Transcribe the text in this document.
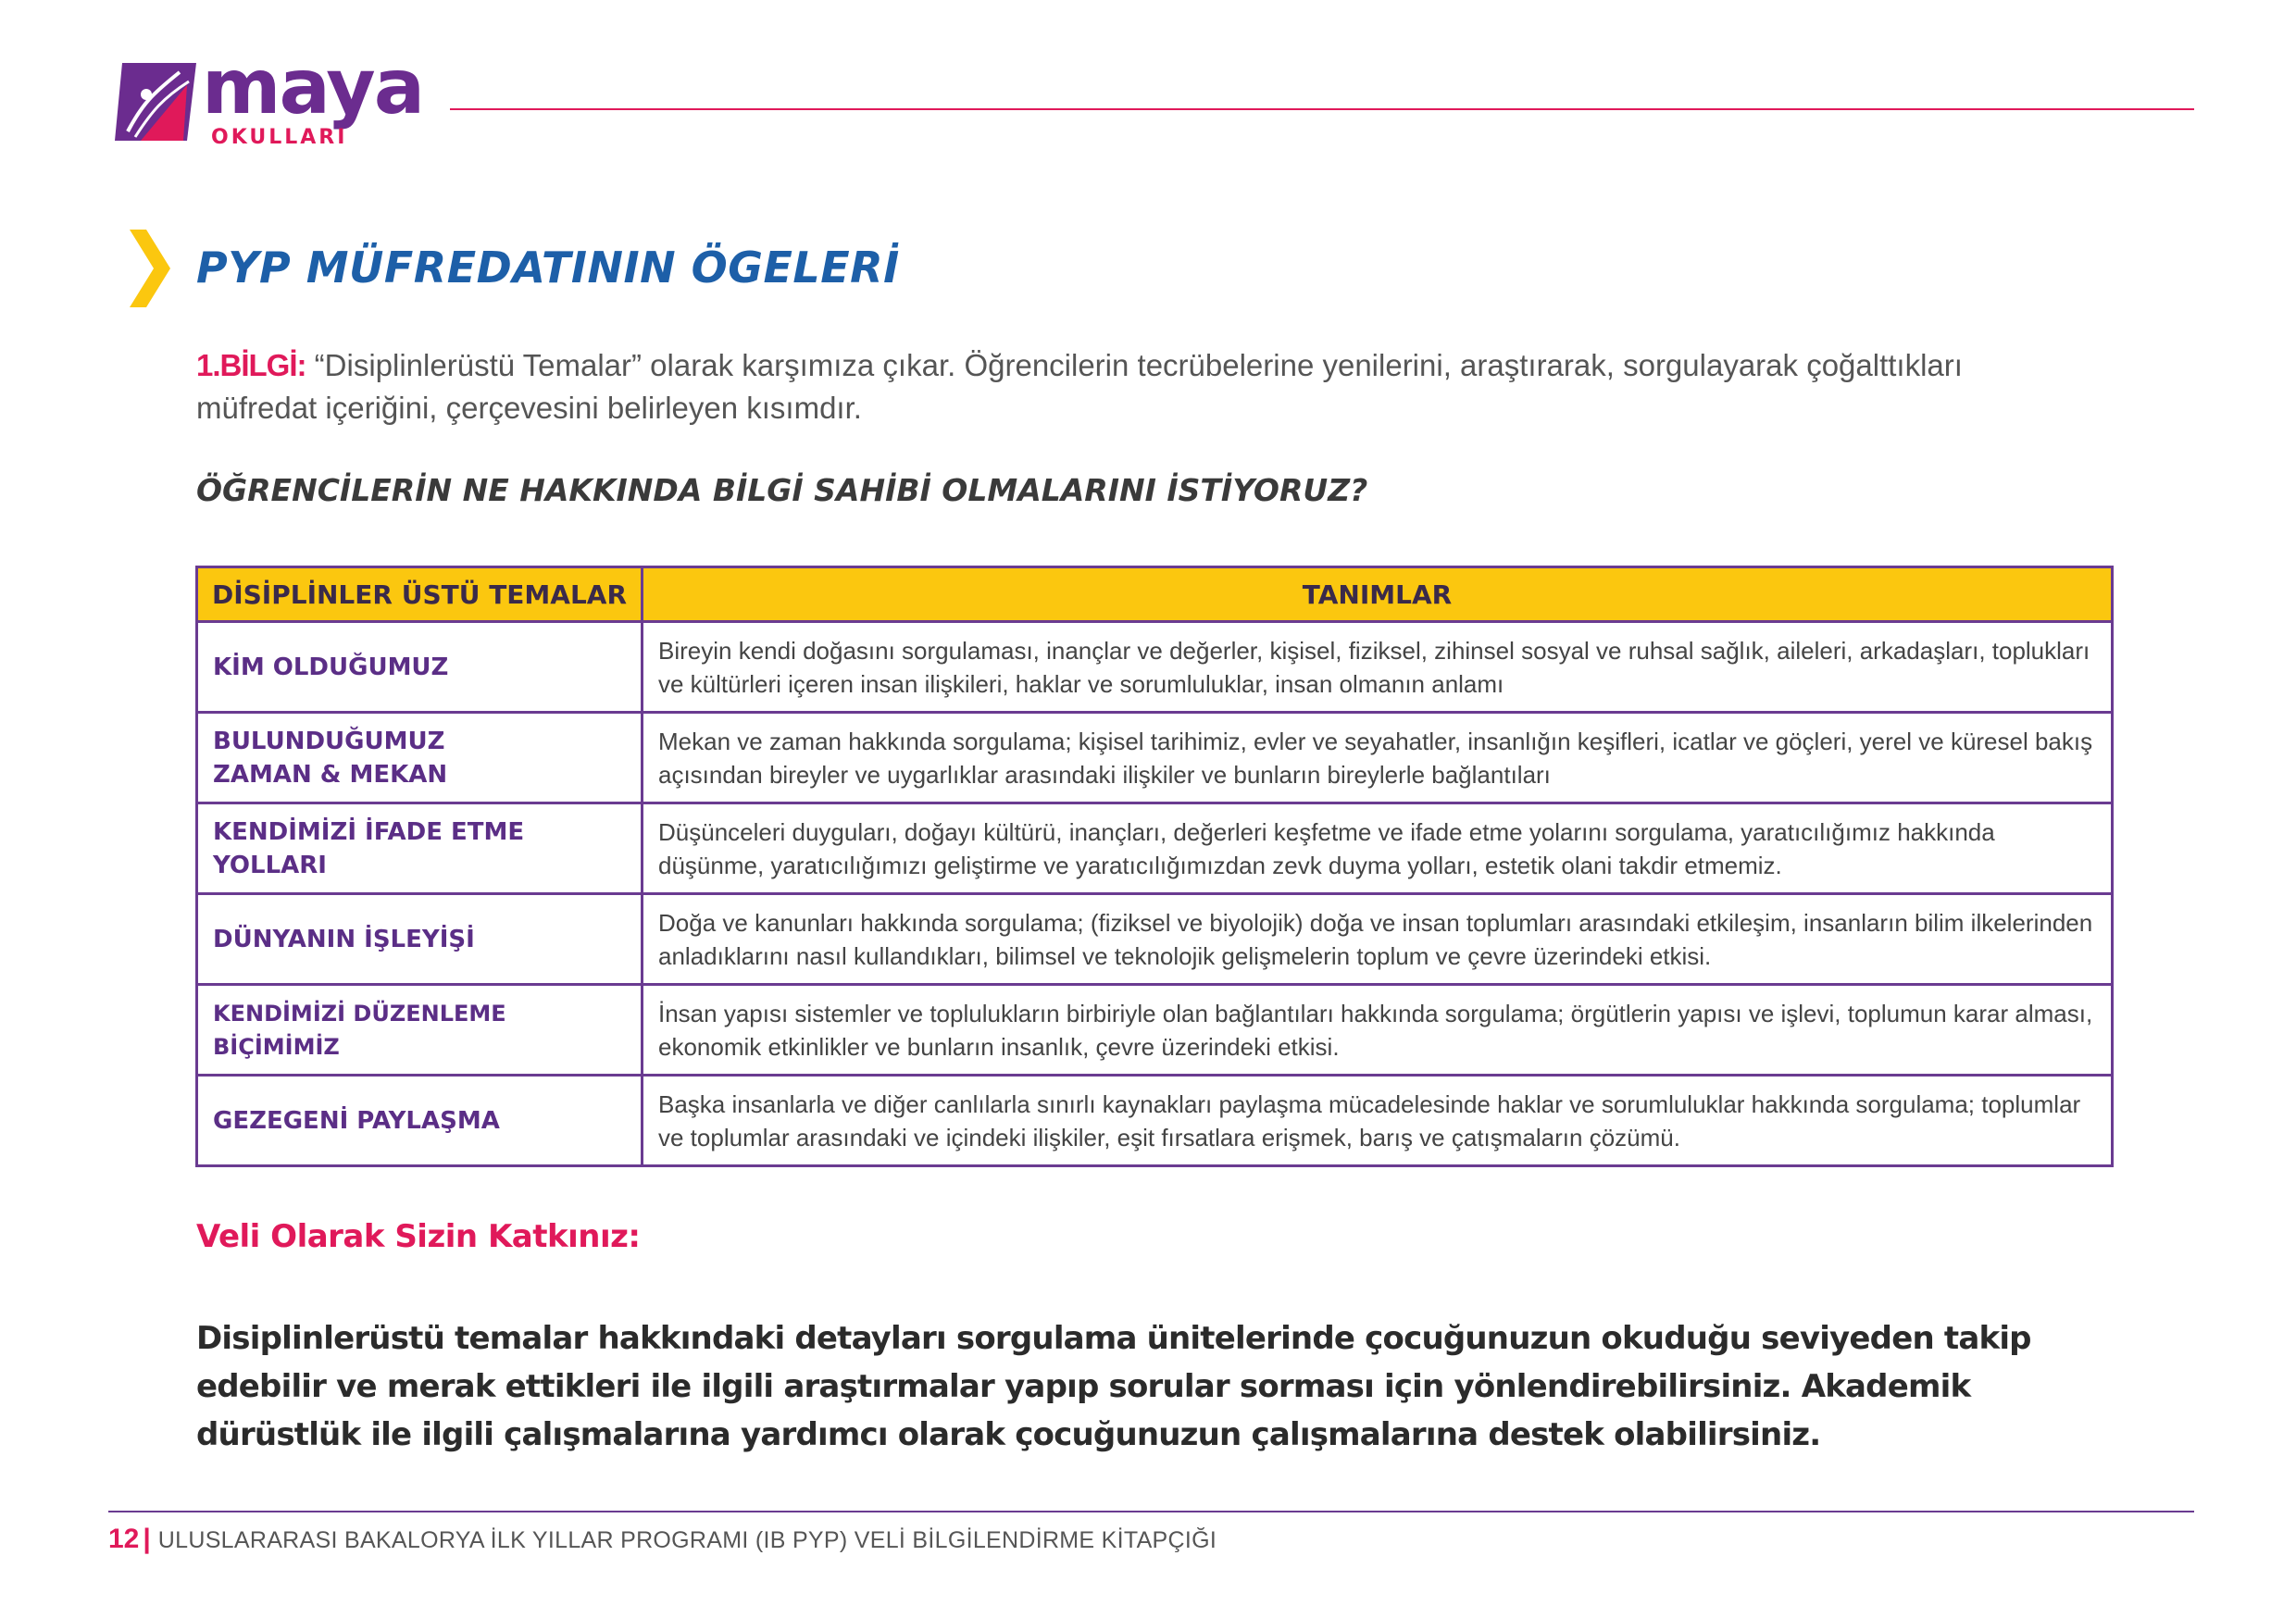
maya
OKULLARI
PYP MÜFREDATININ ÖGELERİ

1.BİLGİ: “Disiplinlerüstü Temalar” olarak karşımıza çıkar. Öğrencilerin tecrübelerine yenilerini, araştırarak, sorgulayarak çoğalttıkları müfredat içeriğini, çerçevesini belirleyen kısımdır.

ÖĞRENCİLERİN NE HAKKINDA BİLGİ SAHİBİ OLMALARINI İSTİYORUZ?
DİSİPLİNLER ÜSTÜ TEMALAR	TANIMLAR
KİM OLDUĞUMUZ	Bireyin kendi doğasını sorgulaması, inançlar ve değerler, kişisel, fiziksel, zihinsel sosyal ve ruhsal sağlık, aileleri, arkadaşları, toplukları ve kültürleri içeren insan ilişkileri, haklar ve sorumluluklar, insan olmanın anlamı
BULUNDUĞUMUZ ZAMAN & MEKAN	Mekan ve zaman hakkında sorgulama; kişisel tarihimiz, evler ve seyahatler, insanlığın keşifleri, icatlar ve göçleri, yerel ve küresel bakış açısından bireyler ve uygarlıklar arasındaki ilişkiler ve bunların bireylerle bağlantıları
KENDİMİZİ İFADE ETME YOLLARI	Düşünceleri duyguları, doğayı kültürü, inançları, değerleri keşfetme ve ifade etme yolarını sorgulama, yaratıcılığımız hakkında düşünme, yaratıcılığımızı geliştirme ve yaratıcılığımızdan zevk duyma yolları, estetik olani takdir etmemiz.
DÜNYANIN İŞLEYİŞİ	Doğa ve kanunları hakkında sorgulama; (fiziksel ve biyolojik) doğa ve insan toplumları arasındaki etkileşim, insanların bilim ilkelerinden anladıklarını nasıl kullandıkları, bilimsel ve teknolojik gelişmelerin toplum ve çevre üzerindeki etkisi.
KENDİMİZİ DÜZENLEME BİÇİMİMİZ	İnsan yapısı sistemler ve toplulukların birbiriyle olan bağlantıları hakkında sorgulama; örgütlerin yapısı ve işlevi, toplumun karar alması, ekonomik etkinlikler ve bunların insanlık, çevre üzerindeki etkisi.
GEZEGENİ PAYLAŞMA	Başka insanlarla ve diğer canlılarla sınırlı kaynakları paylaşma mücadelesinde haklar ve sorumluluklar hakkında sorgulama; toplumlar ve toplumlar arasındaki ve içindeki ilişkiler, eşit fırsatlara erişmek, barış ve çatışmaların çözümü.
Veli Olarak Sizin Katkınız:

Disiplinlerüstü temalar hakkındaki detayları sorgulama ünitelerinde çocuğunuzun okuduğu seviyeden takip edebilir ve merak ettikleri ile ilgili araştırmalar yapıp sorular sorması için yönlendirebilirsiniz. Akademik dürüstlük ile ilgili çalışmalarına yardımcı olarak çocuğunuzun çalışmalarına destek olabilirsiniz.

12 | ULUSLARARASI BAKALORYA İLK YILLAR PROGRAMI (IB PYP) VELİ BİLGİLENDİRME KİTAPÇIĞI
